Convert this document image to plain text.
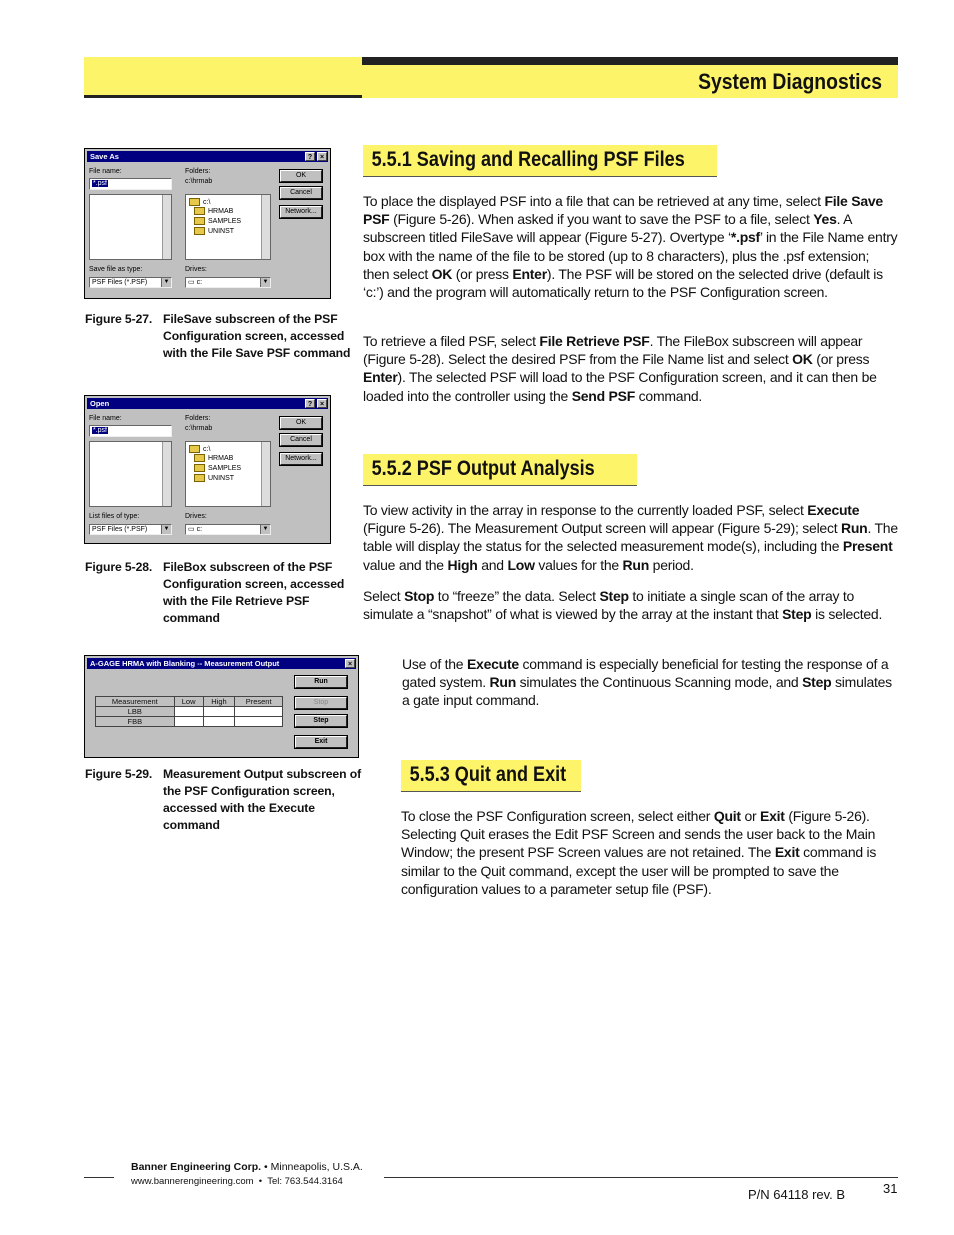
System Diagnostics
Save As	?	×
File name:
*.psf
Folders:
c:\hrmab
c:\
HRMAB
SAMPLES
UNINST
Save file as type:
PSF Files (*.PSF)	▼
Drives:
▭ c:	▼
OK
Cancel
Network...
Figure 5-27. FileSave subscreen of the PSF Configuration screen, accessed with the File Save PSF command
Open	?	×
File name:
*.psf
Folders:
c:\hrmab
c:\
HRMAB
SAMPLES
UNINST
List files of type:
PSF Files (*.PSF)	▼
Drives:
▭ c:	▼
OK
Cancel
Network...
Figure 5-28. FileBox subscreen of the PSF Configuration screen, accessed with the File Retrieve PSF command
A-GAGE HRMA with Blanking -- Measurement Output	×
Measurement	Low	High	Present
LBB			
FBB			
Run
Stop
Step
Exit
Figure 5-29. Measurement Output subscreen of the PSF Configuration screen, accessed with the Execute command
5.5.1 Saving and Recalling PSF Files
To place the displayed PSF into a file that can be retrieved at any time, select File Save PSF (Figure 5-26). When asked if you want to save the PSF to a file, select Yes. A subscreen titled FileSave will appear (Figure 5-27). Overtype ‘*.psf’ in the File Name entry box with the name of the file to be stored (up to 8 characters), plus the .psf extension; then select OK (or press Enter). The PSF will be stored on the selected drive (default is ‘c:’) and the program will automatically return to the PSF Configuration screen.
To retrieve a filed PSF, select File Retrieve PSF. The FileBox subscreen will appear (Figure 5-28). Select the desired PSF from the File Name list and select OK (or press Enter). The selected PSF will load to the PSF Configuration screen, and it can then be loaded into the controller using the Send PSF command.
5.5.2 PSF Output Analysis
To view activity in the array in response to the currently loaded PSF, select Execute (Figure 5-26). The Measurement Output screen will appear (Figure 5-29); select Run. The table will display the status for the selected measurement mode(s), including the Present value and the High and Low values for the Run period.
Select Stop to “freeze” the data. Select Step to initiate a single scan of the array to simulate a “snapshot” of what is viewed by the array at the instant that Step is selected.
Use of the Execute command is especially beneficial for testing the response of a gated system. Run simulates the Continuous Scanning mode, and Step simulates a gate input command.
5.5.3 Quit and Exit
To close the PSF Configuration screen, select either Quit or Exit (Figure 5-26). Selecting Quit erases the Edit PSF Screen and sends the user back to the Main Window; the present PSF Screen values are not retained. The Exit command is similar to the Quit command, except the user will be prompted to save the configuration values to a parameter setup file (PSF).
Banner Engineering Corp. • Minneapolis, U.S.A.
www.bannerengineering.com  •  Tel: 763.544.3164
P/N 64118 rev. B	31
